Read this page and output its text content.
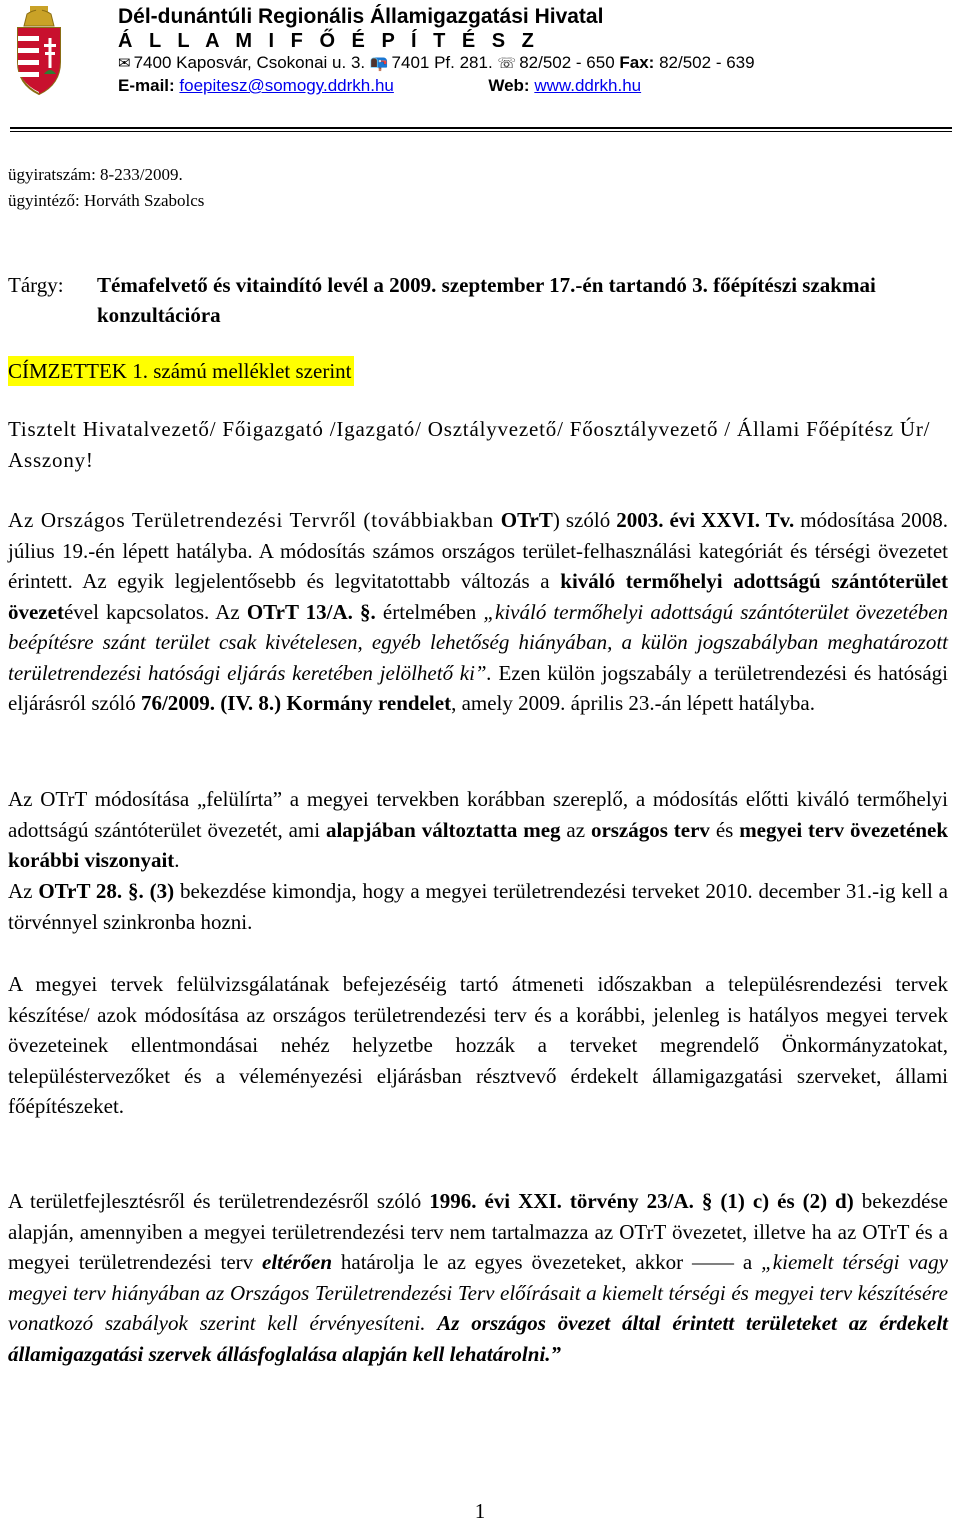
Dél-dunántúli Regionális Államigazgatási Hivatal
Á L L A M I F Ő É P Í T É S Z
✉ 7400 Kaposvár, Csokonai u. 3. 📭 7401 Pf. 281. ☏ 82/502 - 650 Fax: 82/502 - 639
E-mail: foepitesz@somogy.ddrkh.hu	Web: www.ddrkh.hu
ügyiratszám: 8-233/2009.
ügyintéző: Horváth Szabolcs
Tárgy: Témafelvető és vitaindító levél a 2009. szeptember 17.-én tartandó 3. főépítészi szakmai konzultációra
CÍMZETTEK 1. számú melléklet szerint
Tisztelt Hivatalvezető/ Főigazgató /Igazgató/ Osztályvezető/ Főosztályvezető / Állami Főépítész Úr/ Asszony!
Az Országos Területrendezési Tervről (továbbiakban OTrT) szóló 2003. évi XXVI. Tv. módosítása 2008. július 19.-én lépett hatályba. A módosítás számos országos terület-felhasználási kategóriát és térségi övezetet érintett. Az egyik legjelentősebb és legvitatottabb változás a kiváló termőhelyi adottságú szántóterület övezetével kapcsolatos. Az OTrT 13/A. §. értelmében „kiváló termőhelyi adottságú szántóterület övezetében beépítésre szánt terület csak kivételesen, egyéb lehetőség hiányában, a külön jogszabályban meghatározott területrendezési hatósági eljárás keretében jelölhető ki”. Ezen külön jogszabály a területrendezési és hatósági eljárásról szóló 76/2009. (IV. 8.) Kormány rendelet, amely 2009. április 23.-án lépett hatályba.
Az OTrT módosítása „felülírta” a megyei tervekben korábban szereplő, a módosítás előtti kiváló termőhelyi adottságú szántóterület övezetét, ami alapjában változtatta meg az országos terv és megyei terv övezetének korábbi viszonyait.
Az OTrT 28. §. (3) bekezdése kimondja, hogy a megyei területrendezési terveket 2010. december 31.-ig kell a törvénnyel szinkronba hozni.
A megyei tervek felülvizsgálatának befejezéséig tartó átmeneti időszakban a településrendezési tervek készítése/ azok módosítása az országos területrendezési terv és a korábbi, jelenleg is hatályos megyei tervek övezeteinek ellentmondásai nehéz helyzetbe hozzák a terveket megrendelő Önkormányzatokat, településtervezőket és a véleményezési eljárásban résztvevő érdekelt államigazgatási szerveket, állami főépítészeket.
A területfejlesztésről és területrendezésről szóló 1996. évi XXI. törvény 23/A. § (1) c) és (2) d) bekezdése alapján, amennyiben a megyei területrendezési terv nem tartalmazza az OTrT övezetet, illetve ha az OTrT és a megyei területrendezési terv eltérően határolja le az egyes övezeteket, akkor ―― a „kiemelt térségi vagy megyei terv hiányában az Országos Területrendezési Terv előírásait a kiemelt térségi és megyei terv készítésére vonatkozó szabályok szerint kell érvényesíteni. Az országos övezet által érintett területeket az érdekelt államigazgatási szervek állásfoglalása alapján kell lehatárolni.”
1
